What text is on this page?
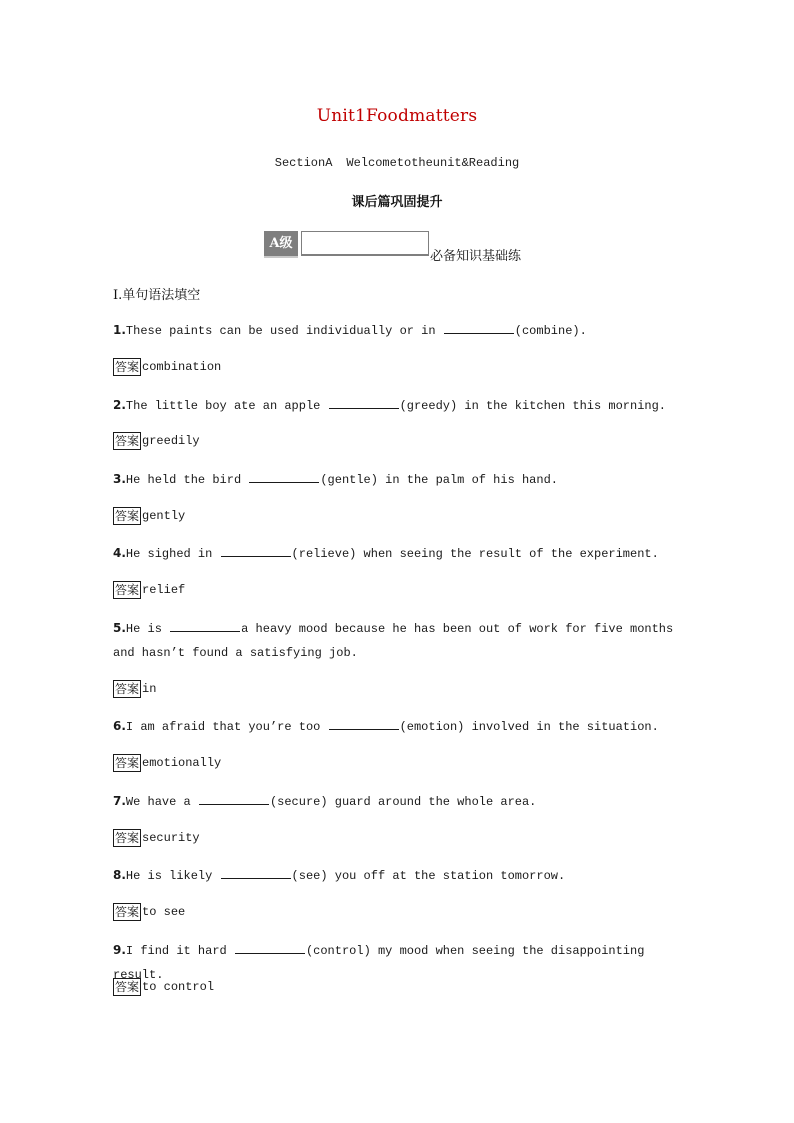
Unit1Foodmatters
SectionA Welcometotheunit&Reading
课后篇巩固提升
A级
必备知识基础练
Ⅰ.单句语法填空
1.These paints can be used individually or in	(combine).
答案 combination
2.The little boy ate an apple	(greedy) in the kitchen this morning.
答案 greedily
3.He held the bird	(gentle) in the palm of his hand.
答案 gently
4.He sighed in	(relieve) when seeing the result of the experiment.
答案 relief
5.He is	a heavy mood because he has been out of work for five months and hasn’t found a satisfying job.
答案 in
6.I am afraid that you’re too	(emotion) involved in the situation.
答案 emotionally
7.We have a	(secure) guard around the whole area.
答案 security
8.He is likely	(see) you off at the station tomorrow.
答案 to see
9.I find it hard	(control) my mood when seeing the disappointing result.
答案 to control
